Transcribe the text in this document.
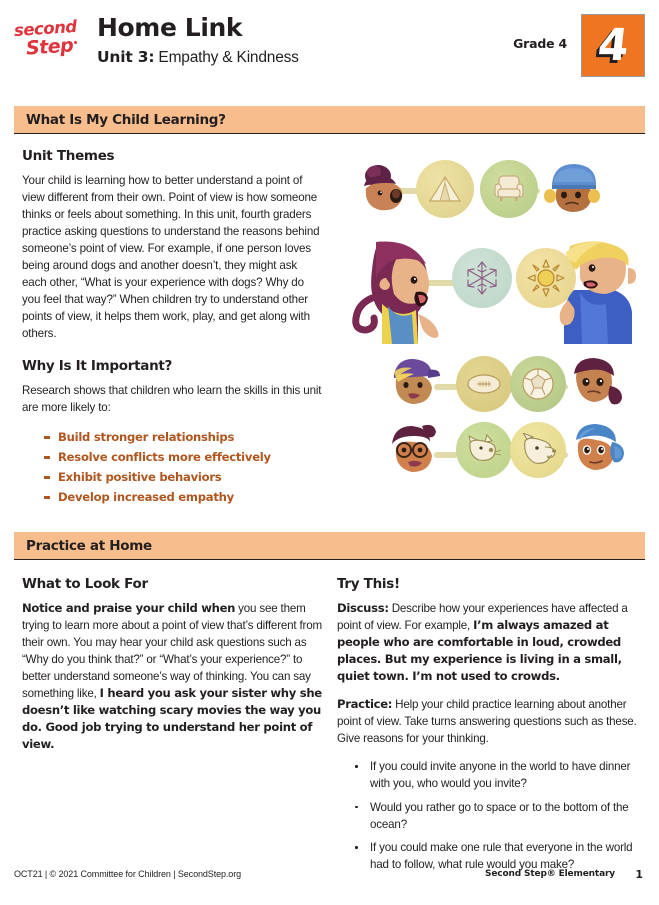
second
Step
Home Link
Unit 3: Empathy & Kindness
Grade 4 4
What Is My Child Learning?
Unit Themes
Your child is learning how to better understand a point of view different from their own. Point of view is how someone thinks or feels about something. In this unit, fourth graders practice asking questions to understand the reasons behind someone’s point of view. For example, if one person loves being around dogs and another doesn’t, they might ask each other, “What is your experience with dogs? Why do you feel that way?” When children try to understand other points of view, it helps them work, play, and get along with others.
Why Is It Important?
Research shows that children who learn the skills in this unit are more likely to:
Build stronger relationships
Resolve conflicts more effectively
Exhibit positive behaviors
Develop increased empathy
Practice at Home
What to Look For
Notice and praise your child when you see them trying to learn more about a point of view that’s different from their own. You may hear your child ask questions such as “Why do you think that?” or “What’s your experience?” to better understand someone’s way of thinking. You can say something like, I heard you ask your sister why she doesn’t like watching scary movies the way you do. Good job trying to understand her point of view.
Try This!
Discuss: Describe how your experiences have affected a point of view. For example, I’m always amazed at people who are comfortable in loud, crowded places. But my experience is living in a small, quiet town. I’m not used to crowds.
Practice: Help your child practice learning about another point of view. Take turns answering questions such as these. Give reasons for your thinking.
If you could invite anyone in the world to have dinner with you, who would you invite?
Would you rather go to space or to the bottom of the ocean?
If you could make one rule that everyone in the world had to follow, what rule would you make?
OCT21 | © 2021 Committee for Children | SecondStep.org	Second Step® Elementary 1
